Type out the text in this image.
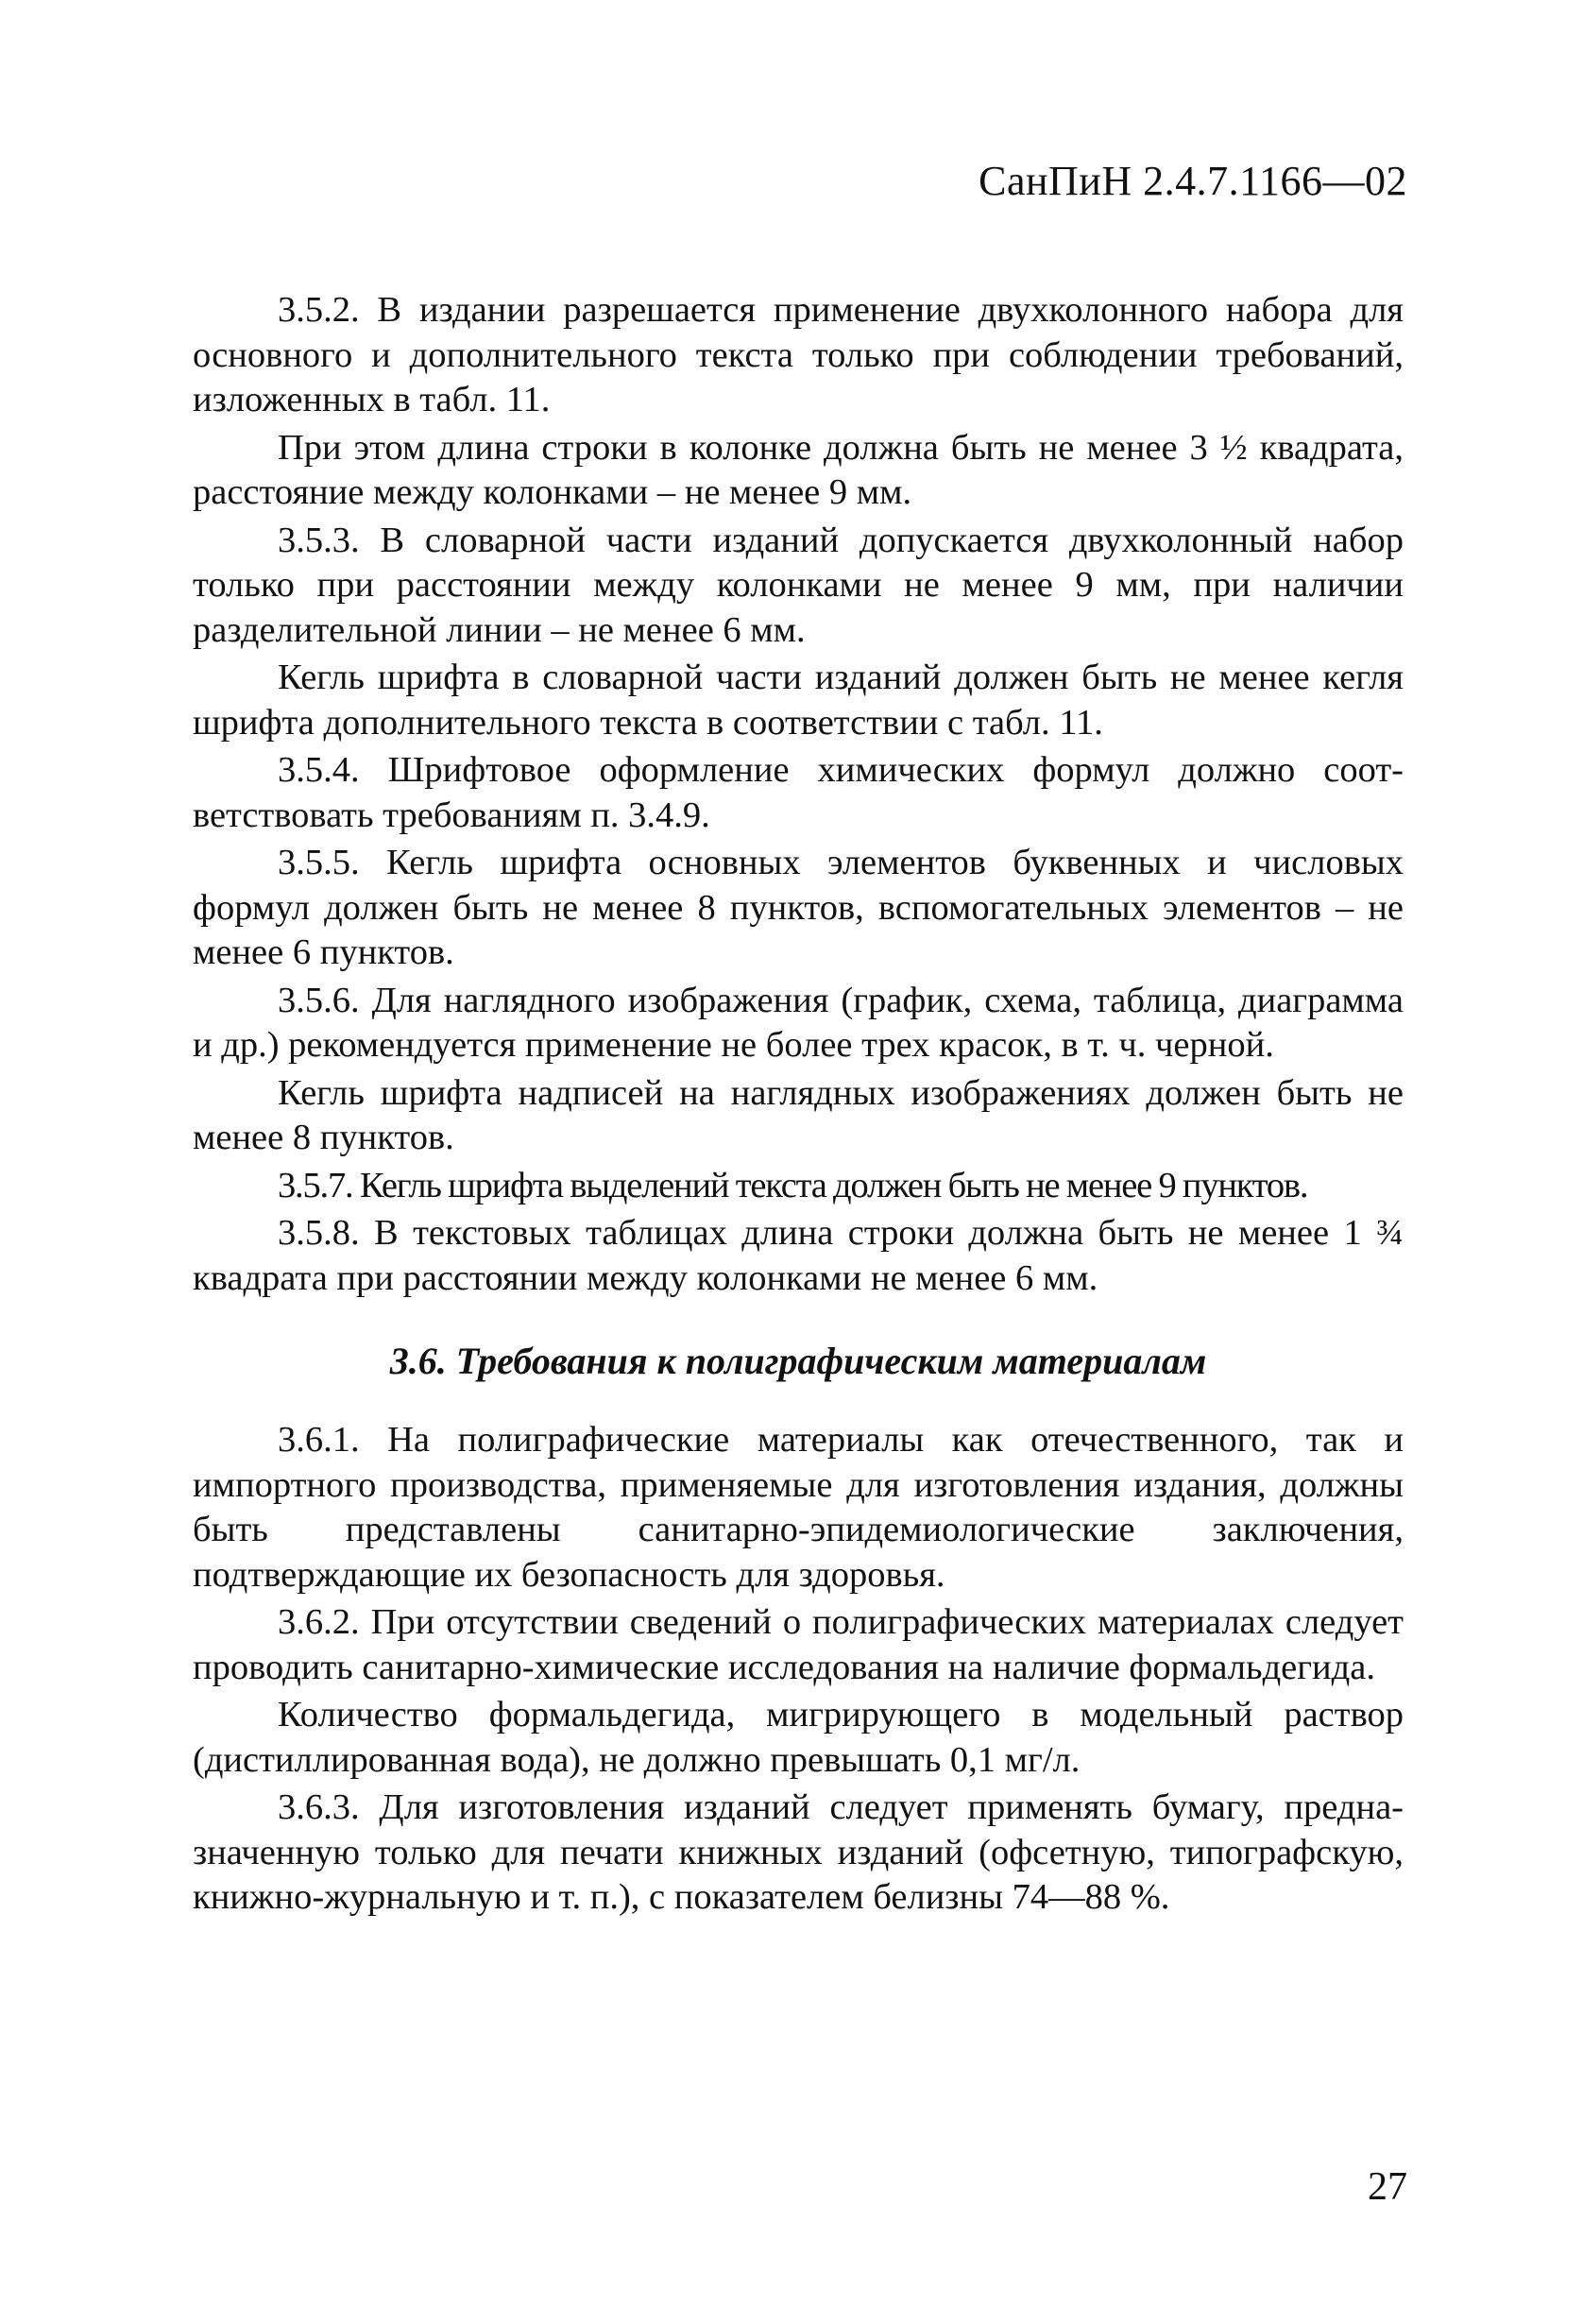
СанПиН 2.4.7.1166—02

3.5.2. В издании разрешается применение двухколонного набора для основного и дополнительного текста только при соблюдении требований, изложенных в табл. 11.

При этом длина строки в колонке должна быть не менее 3 ½ квадрата, расстояние между колонками – не менее 9 мм.

3.5.3. В словарной части изданий допускается двухколонный набор только при расстоянии между колонками не менее 9 мм, при наличии разделительной линии – не менее 6 мм.

Кегль шрифта в словарной части изданий должен быть не менее кегля шрифта дополнительного текста в соответствии с табл. 11.

3.5.4. Шрифтовое оформление химических формул должно соответствовать требованиям п. 3.4.9.

3.5.5. Кегль шрифта основных элементов буквенных и числовых формул должен быть не менее 8 пунктов, вспомогательных элементов – не менее 6 пунктов.

3.5.6. Для наглядного изображения (график, схема, таблица, диаграмма и др.) рекомендуется применение не более трех красок, в т. ч. черной.

Кегль шрифта надписей на наглядных изображениях должен быть не менее 8 пунктов.

3.5.7. Кегль шрифта выделений текста должен быть не менее 9 пунктов.

3.5.8. В текстовых таблицах длина строки должна быть не менее 1 ¾ квадрата при расстоянии между колонками не менее 6 мм.

3.6. Требования к полиграфическим материалам

3.6.1. На полиграфические материалы как отечественного, так и импортного производства, применяемые для изготовления издания, должны быть представлены санитарно-эпидемиологические заключения, подтверждающие их безопасность для здоровья.

3.6.2. При отсутствии сведений о полиграфических материалах следует проводить санитарно-химические исследования на наличие формальдегида.

Количество формальдегида, мигрирующего в модельный раствор (дистиллированная вода), не должно превышать 0,1 мг/л.

3.6.3. Для изготовления изданий следует применять бумагу, предназначенную только для печати книжных изданий (офсетную, типографскую, книжно-журнальную и т. п.), с показателем белизны 74—88 %.

27
